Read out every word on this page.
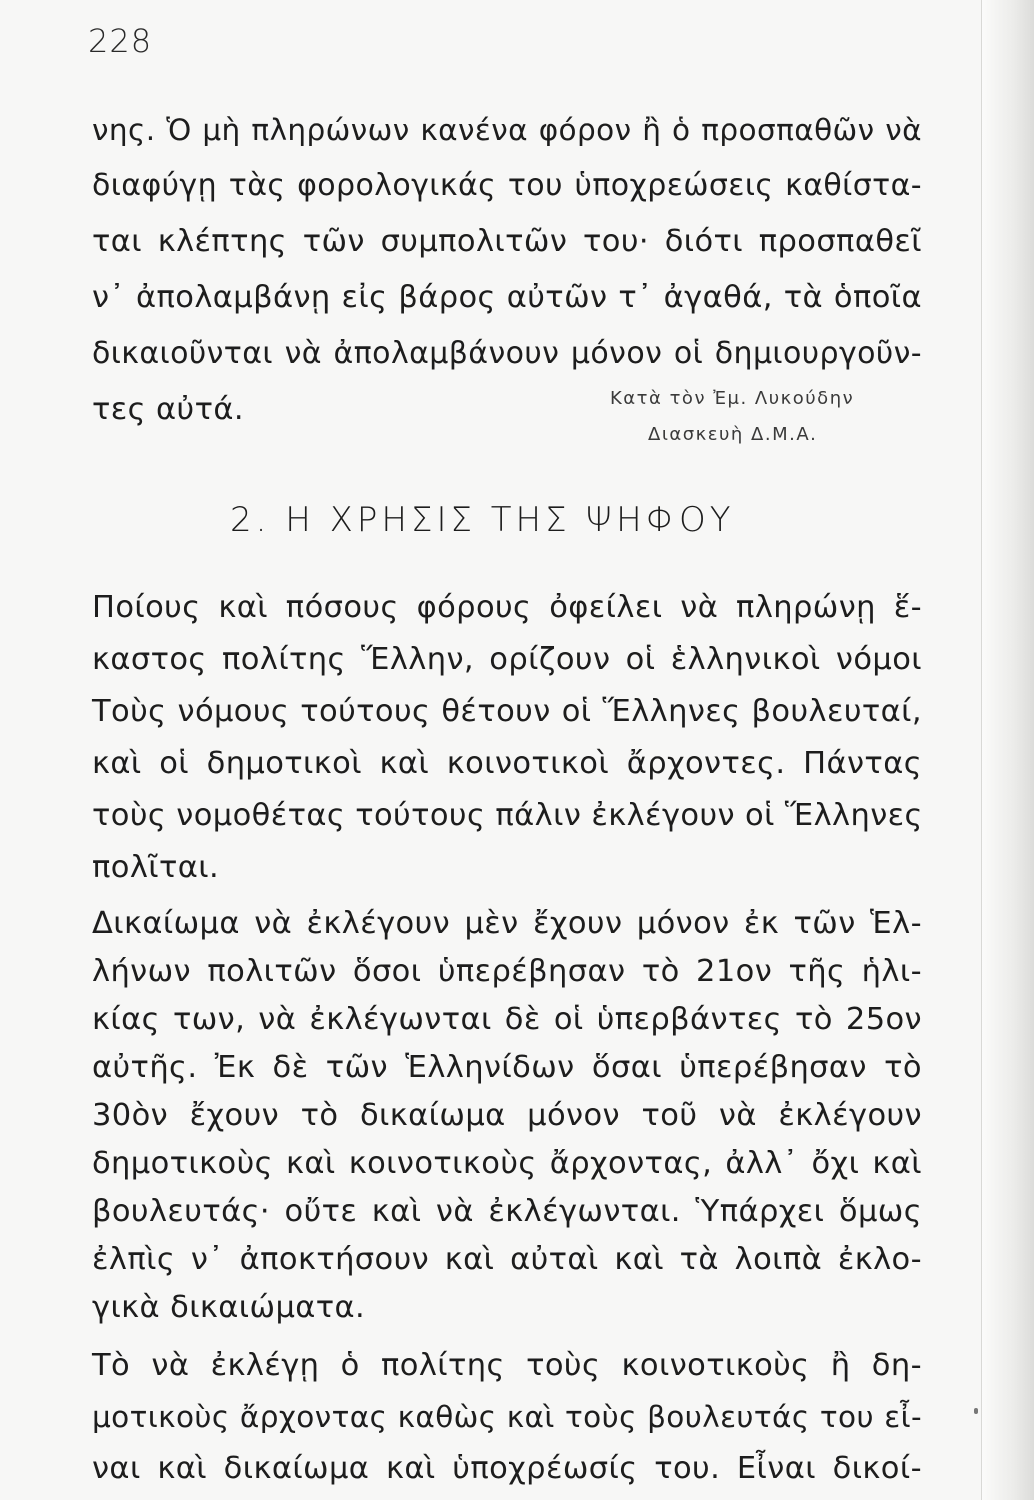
228
νης. Ὁ μὴ πληρώνων κανένα φόρον ἢ ὁ προσπαθῶν νὰ
διαφύγῃ τὰς φορολογικάς του ὑποχρεώσεις καθίστα-
ται κλέπτης τῶν συμπολιτῶν του· διότι προσπαθεῖ
ν᾽ ἀπολαμβάνῃ εἰς βάρος αὐτῶν τ᾽ ἀγαθά, τὰ ὁποῖα
δικαιοῦνται νὰ ἀπολαμβάνουν μόνον οἱ δημιουργοῦν-
τες αὐτά.	Κατὰ τὸν Ἐμ. Λυκούδην
Διασκευὴ Δ.Μ.Α.
2. Η ΧΡΗΣΙΣ ΤΗΣ ΨΗΦΟΥ
Ποίους καὶ πόσους φόρους ὀφείλει νὰ πληρώνῃ ἕ-
καστος πολίτης Ἕλλην, ορίζουν οἱ ἑλληνικοὶ νόμοι
Τοὺς νόμους τούτους θέτουν οἱ Ἕλληνες βουλευταί,
καὶ οἱ δημοτικοὶ καὶ κοινοτικοὶ ἄρχοντες. Πάντας
τοὺς νομοθέτας τούτους πάλιν ἐκλέγουν οἱ Ἕλληνες
πολῖται.
Δικαίωμα νὰ ἐκλέγουν μὲν ἔχουν μόνον ἐκ τῶν Ἑλ-
λήνων πολιτῶν ὅσοι ὑπερέβησαν τὸ 21ον τῆς ἡλι-
κίας των, νὰ ἐκλέγωνται δὲ οἱ ὑπερβάντες τὸ 25ον
αὐτῆς. Ἐκ δὲ τῶν Ἑλληνίδων ὅσαι ὑπερέβησαν τὸ
30ὸν ἔχουν τὸ δικαίωμα μόνον τοῦ νὰ ἐκλέγουν
δημοτικοὺς καὶ κοινοτικοὺς ἄρχοντας, ἀλλ᾽ ὄχι καὶ
βουλευτάς· οὔτε καὶ νὰ ἐκλέγωνται. Ὑπάρχει ὅμως
ἐλπὶς ν᾽ ἀποκτήσουν καὶ αὐταὶ καὶ τὰ λοιπὰ ἐκλο-
γικὰ δικαιώματα.
Τὸ νὰ ἐκλέγῃ ὁ πολίτης τοὺς κοινοτικοὺς ἢ δη-
μοτικοὺς ἄρχοντας καθὼς καὶ τοὺς βουλευτάς του εἶ-
ναι καὶ δικαίωμα καὶ ὑποχρέωσίς του. Εἶναι δικοί-
